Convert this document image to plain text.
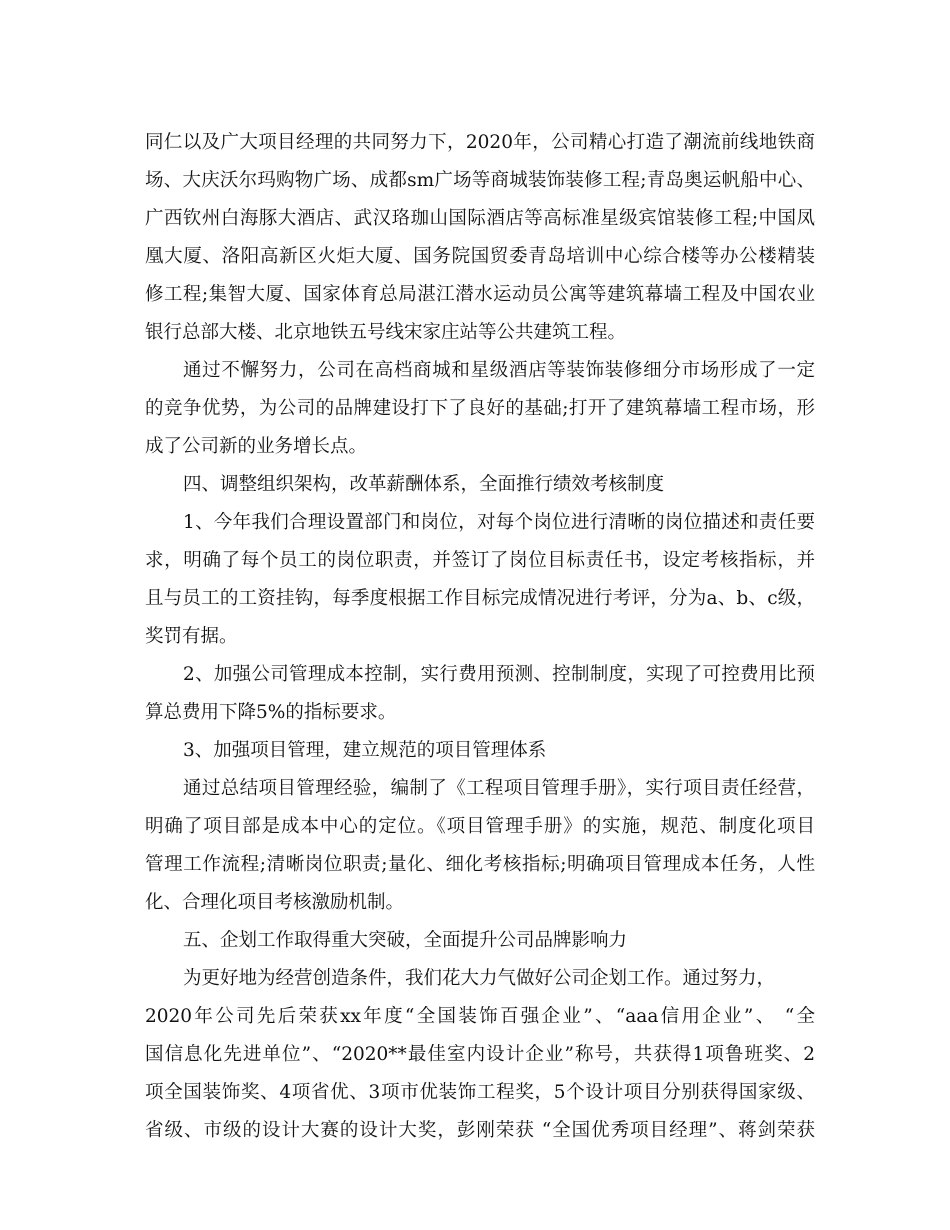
同仁以及广大项目经理的共同努力下，2020年，公司精心打造了潮流前线地铁商
场、大庆沃尔玛购物广场、成都sm广场等商城装饰装修工程;青岛奥运帆船中心、
广西钦州白海豚大酒店、武汉珞珈山国际酒店等高标准星级宾馆装修工程;中国凤
凰大厦、洛阳高新区火炬大厦、国务院国贸委青岛培训中心综合楼等办公楼精装
修工程;集智大厦、国家体育总局湛江潜水运动员公寓等建筑幕墙工程及中国农业
银行总部大楼、北京地铁五号线宋家庄站等公共建筑工程。
通过不懈努力，公司在高档商城和星级酒店等装饰装修细分市场形成了一定
的竞争优势，为公司的品牌建设打下了良好的基础;打开了建筑幕墙工程市场，形
成了公司新的业务增长点。
四、调整组织架构，改革薪酬体系，全面推行绩效考核制度
1、今年我们合理设置部门和岗位，对每个岗位进行清晰的岗位描述和责任要
求，明确了每个员工的岗位职责，并签订了岗位目标责任书，设定考核指标，并
且与员工的工资挂钩，每季度根据工作目标完成情况进行考评，分为a、b、c级，
奖罚有据。
2、加强公司管理成本控制，实行费用预测、控制制度，实现了可控费用比预
算总费用下降5%的指标要求。
3、加强项目管理，建立规范的项目管理体系
通过总结项目管理经验，编制了《工程项目管理手册》，实行项目责任经营，
明确了项目部是成本中心的定位。《项目管理手册》的实施，规范、制度化项目
管理工作流程;清晰岗位职责;量化、细化考核指标;明确项目管理成本任务，人性
化、合理化项目考核激励机制。
五、企划工作取得重大突破，全面提升公司品牌影响力
为更好地为经营创造条件，我们花大力气做好公司企划工作。通过努力，
2020年公司先后荣获xx年度“全国装饰百强企业”、“aaa信用企业”、 “全
国信息化先进单位”、“2020**最佳室内设计企业”称号，共获得1项鲁班奖、2
项全国装饰奖、4项省优、3项市优装饰工程奖，5个设计项目分别获得国家级、
省级、市级的设计大赛的设计大奖，彭刚荣获 “全国优秀项目经理”、蒋剑荣获
